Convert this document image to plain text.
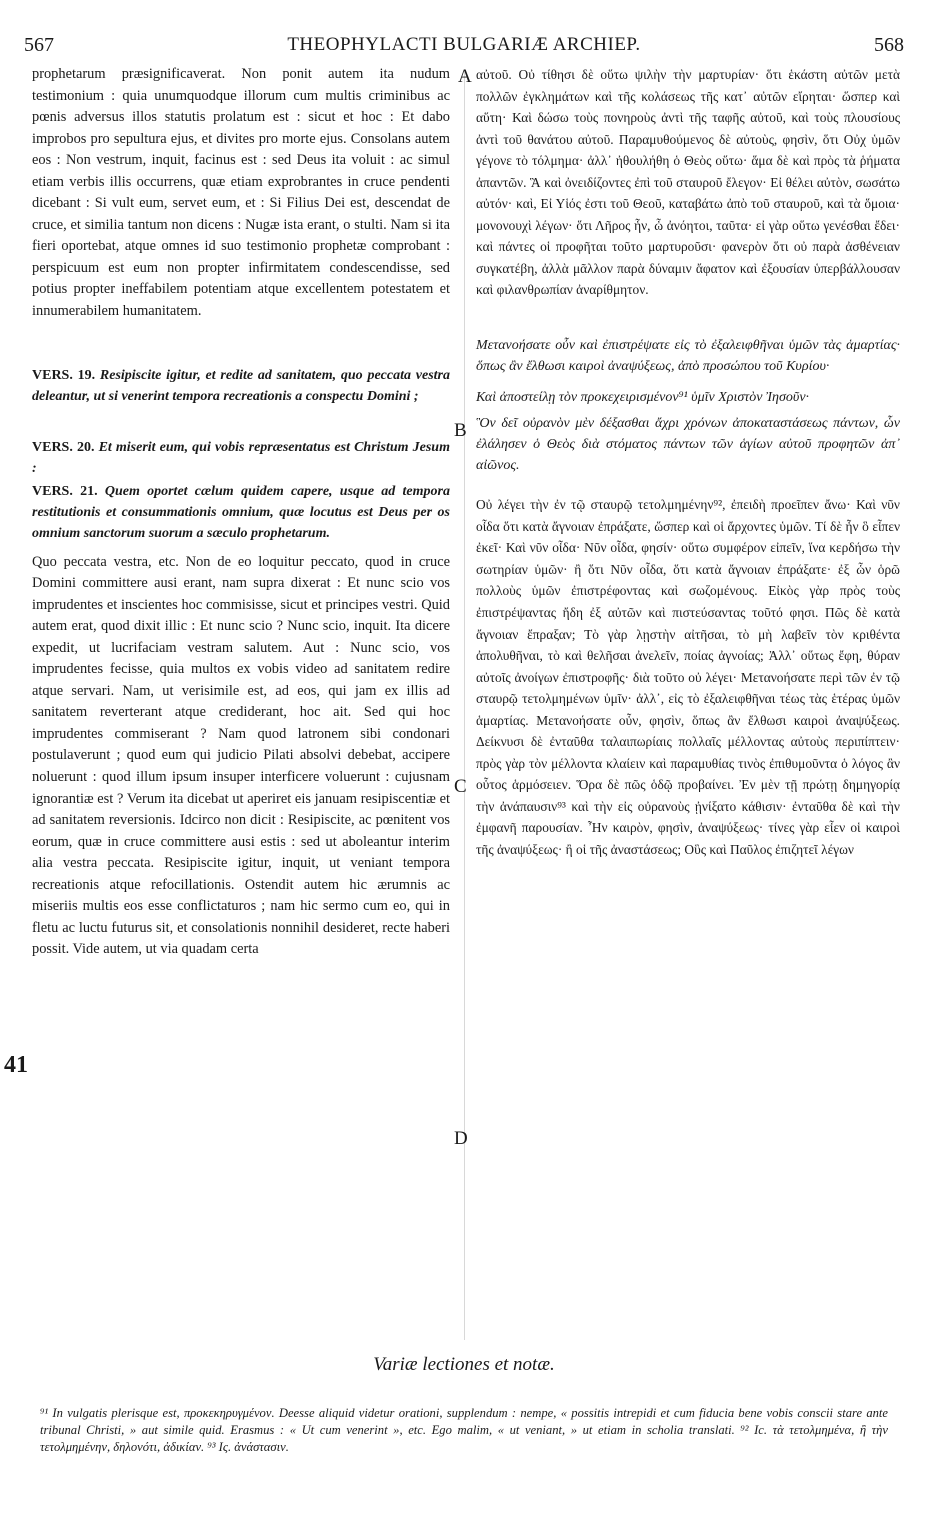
567	THEOPHYLACTI BULGARIÆ ARCHIEP.	568

prophetarum præsignificaverat. Non ponit autem ita nudum testimonium : quia unumquodque illorum cum multis criminibus ac pœnis adversus illos statutis prolatum est : sicut et hoc : Et dabo improbos pro sepultura ejus, et divites pro morte ejus. Consolans autem eos : Non vestrum, inquit, facinus est : sed Deus ita voluit : ac simul etiam verbis illis occurrens, quæ etiam exprobrantes in cruce pendenti dicebant : Si vult eum, servet eum, et : Si Filius Dei est, descendat de cruce, et similia tantum non dicens : Nugæ ista erant, o stulti. Nam si ita fieri oportebat, atque omnes id suo testimonio prophetæ comprobant : perspicuum est eum non propter infirmitatem condescendisse, sed potius propter ineffabilem potentiam atque excellentem potestatem et innumerabilem humanitatem.

VERS. 19. Resipiscite igitur, et redite ad sanitatem, quo peccata vestra deleantur, ut si venerint tempora recreationis a conspectu Domini ;

VERS. 20. Et miserit eum, qui vobis repræsentatus est Christum Jesum :

VERS. 21. Quem oportet cælum quidem capere, usque ad tempora restitutionis et consummationis omnium, quæ locutus est Deus per os omnium sanctorum suorum a sæculo prophetarum.

Quo peccata vestra, etc. Non de eo loquitur peccato, quod in cruce Domini committere ausi erant, nam supra dixerat : Et nunc scio vos imprudentes et inscientes hoc commisisse, sicut et principes vestri. Quid autem erat, quod dixit illic : Et nunc scio ? Nunc scio, inquit. Ita dicere expedit, ut lucrifaciam vestram salutem. Aut : Nunc scio, vos imprudentes fecisse, quia multos ex vobis video ad sanitatem redire atque servari. Nam, ut verisimile est, ad eos, qui jam ex illis ad sanitatem reverterant atque crediderant, hoc ait. Sed qui hoc imprudentes commiserant ? Nam quod latronem sibi condonari postulaverunt ; quod eum qui judicio Pilati absolvi debebat, accipere noluerunt : quod illum ipsum insuper interficere voluerunt : cujusnam ignorantiæ est ? Verum ita dicebat ut aperiret eis januam resipiscentiæ et ad sanitatem reversionis. Idcirco non dicit : Resipiscite, ac pœnitent vos eorum, quæ in cruce committere ausi estis : sed ut aboleantur interim alia vestra peccata. Resipiscite igitur, inquit, ut veniant tempora recreationis atque refocillationis. Ostendit autem hic ærumnis ac miseriis multis eos esse conflictaturos ; nam hic sermo cum eo, qui in fletu ac luctu futurus sit, et consolationis nonnihil desideret, recte haberi possit. Vide autem, ut via quadam certa

αὐτοῦ. Οὐ τίθησι δὲ οὕτω ψιλὴν τὴν μαρτυρίαν· ὅτι ἑκάστη αὐτῶν μετὰ πολλῶν ἐγκλημάτων καὶ τῆς κολάσεως τῆς κατ᾽ αὐτῶν εἴρηται· ὥσπερ καὶ αὕτη· Καὶ δώσω τοὺς πονηροὺς ἀντὶ τῆς ταφῆς αὐτοῦ, καὶ τοὺς πλουσίους ἀντὶ τοῦ θανάτου αὐτοῦ. Παραμυθούμενος δὲ αὐτοὺς, φησὶν, ὅτι Οὐχ ὑμῶν γέγονε τὸ τόλμημα· ἀλλ᾽ ἠθουλήθη ὁ Θεὸς οὕτω· ἅμα δὲ καὶ πρὸς τὰ ῥήματα ἀπαντῶν. Ἃ καὶ ὀνειδίζοντες ἐπὶ τοῦ σταυροῦ ἔλεγον· Εἰ θέλει αὐτὸν, σωσάτω αὐτόν· καὶ, Εἰ Υἱός ἐστι τοῦ Θεοῦ, καταβάτω ἀπὸ τοῦ σταυροῦ, καὶ τὰ ὅμοια· μονονουχὶ λέγων· ὅτι Λῆρος ἦν, ὦ ἀνόητοι, ταῦτα· εἰ γὰρ οὕτω γενέσθαι ἔδει· καὶ πάντες οἱ προφῆται τοῦτο μαρτυροῦσι· φανερὸν ὅτι οὐ παρὰ ἀσθένειαν συγκατέβη, ἀλλὰ μᾶλλον παρὰ δύναμιν ἄφατον καὶ ἐξουσίαν ὑπερβάλλουσαν καὶ φιλανθρωπίαν ἀναρίθμητον.

Μετανοήσατε οὖν καὶ ἐπιστρέψατε εἰς τὸ ἐξαλειφθῆναι ὑμῶν τὰς ἁμαρτίας· ὅπως ἂν ἔλθωσι καιροὶ ἀναψύξεως, ἀπὸ προσώπου τοῦ Κυρίου·

Καὶ ἀποστείλῃ τὸν προκεχειρισμένον⁹¹ ὑμῖν Χριστὸν Ἰησοῦν·

Ὃν δεῖ οὐρανὸν μὲν δέξασθαι ἄχρι χρόνων ἀποκαταστάσεως πάντων, ὧν ἐλάλησεν ὁ Θεὸς διὰ στόματος πάντων τῶν ἁγίων αὐτοῦ προφητῶν ἀπ᾽ αἰῶνος.

Οὐ λέγει τὴν ἐν τῷ σταυρῷ τετολμημένην⁹², ἐπειδὴ προεῖπεν ἄνω· Καὶ νῦν οἶδα ὅτι κατὰ ἄγνοιαν ἐπράξατε, ὥσπερ καὶ οἱ ἄρχοντες ὑμῶν. Τί δὲ ἦν ὃ εἶπεν ἐκεῖ· Καὶ νῦν οἶδα· Νῦν οἶδα, φησίν· οὕτω συμφέρον εἰπεῖν, ἵνα κερδήσω τὴν σωτηρίαν ὑμῶν· ἢ ὅτι Νῦν οἶδα, ὅτι κατὰ ἄγνοιαν ἐπράξατε· ἐξ ὧν ὁρῶ πολλοὺς ὑμῶν ἐπιστρέφοντας καὶ σωζομένους. Εἰκὸς γὰρ πρὸς τοὺς ἐπιστρέψαντας ἤδη ἐξ αὐτῶν καὶ πιστεύσαντας τοῦτό φησι. Πῶς δὲ κατὰ ἄγνοιαν ἔπραξαν; Τὸ γὰρ λῃστὴν αἰτῆσαι, τὸ μὴ λαβεῖν τὸν κριθέντα ἀπολυθῆναι, τὸ καὶ θελῆσαι ἀνελεῖν, ποίας ἀγνοίας; Ἀλλ᾽ οὕτως ἔφη, θύραν αὐτοῖς ἀνοίγων ἐπιστροφῆς· διὰ τοῦτο οὐ λέγει· Μετανοήσατε περὶ τῶν ἐν τῷ σταυρῷ τετολμημένων ὑμῖν· ἀλλ᾽, εἰς τὸ ἐξαλειφθῆναι τέως τὰς ἑτέρας ὑμῶν ἁμαρτίας. Μετανοήσατε οὖν, φησὶν, ὅπως ἂν ἔλθωσι καιροὶ ἀναψύξεως. Δείκνυσι δὲ ἐνταῦθα ταλαιπωρίαις πολλαῖς μέλλοντας αὐτοὺς περιπίπτειν· πρὸς γὰρ τὸν μέλλοντα κλαίειν καὶ παραμυθίας τινὸς ἐπιθυμοῦντα ὁ λόγος ἂν οὗτος ἁρμόσειεν. Ὅρα δὲ πῶς ὁδῷ προβαίνει. Ἐν μὲν τῇ πρώτῃ δημηγορίᾳ τὴν ἀνάπαυσιν⁹³ καὶ τὴν εἰς οὐρανοὺς ᾐνίξατο κάθισιν· ἐνταῦθα δὲ καὶ τὴν ἐμφανῆ παρουσίαν. Ἦν καιρὸν, φησὶν, ἀναψύξεως· τίνες γὰρ εἶεν οἱ καιροὶ τῆς ἀναψύξεως· ἢ οἱ τῆς ἀναστάσεως; Οὓς καὶ Παῦλος ἐπιζητεῖ λέγων

A
B
C
D
41
Variæ lectiones et notæ.

⁹¹ In vulgatis plerisque est, προκεκηρυγμένον. Deesse aliquid videtur orationi, supplendum : nempe, « possitis intrepidi et cum fiducia bene vobis conscii stare ante tribunal Christi, » aut simile quid. Erasmus : « Ut cum venerint », etc. Ego malim, « ut veniant, » ut etiam in scholia translati. ⁹² Ic. τὰ τετολμημένα, ἢ τὴν τετολμημένην, δηλονότι, ἀδικίαν. ⁹³ Ις. ἀνάστασιν.
